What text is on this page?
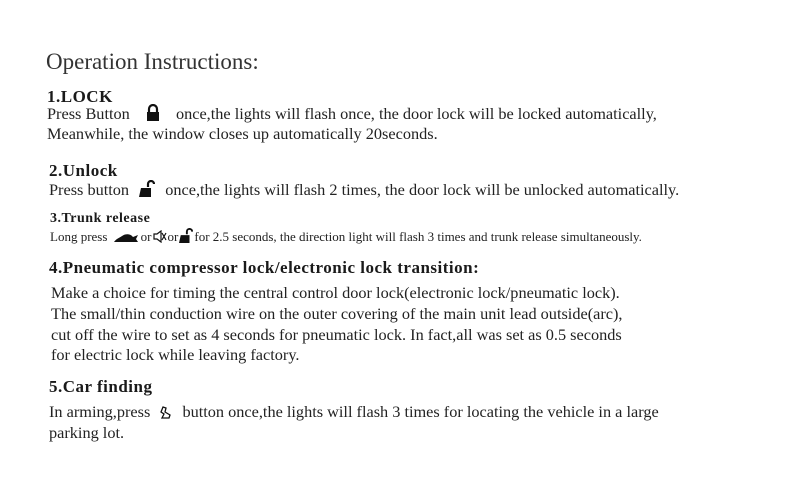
Operation Instructions:
1.LOCK
Press Button	once,the lights will flash once, the door lock will be locked automatically,
Meanwhile, the window closes up automatically 20seconds.
2.Unlock
Press button once,the lights will flash 2 times, the door lock will be unlocked automatically.
3.Trunk release
Long press	or or for 2.5 seconds, the direction light will flash 3 times and trunk release simultaneously.
4.Pneumatic compressor lock/electronic lock transition:
Make a choice for timing the central control door lock(electronic lock/pneumatic lock).
The small/thin conduction wire on the outer covering of the main unit lead outside(arc),
cut off the wire to set as 4 seconds for pneumatic lock. In fact,all was set as 0.5 seconds
for electric lock while leaving factory.
5.Car finding
In arming,press button once,the lights will flash 3 times for locating the vehicle in a large
parking lot.
